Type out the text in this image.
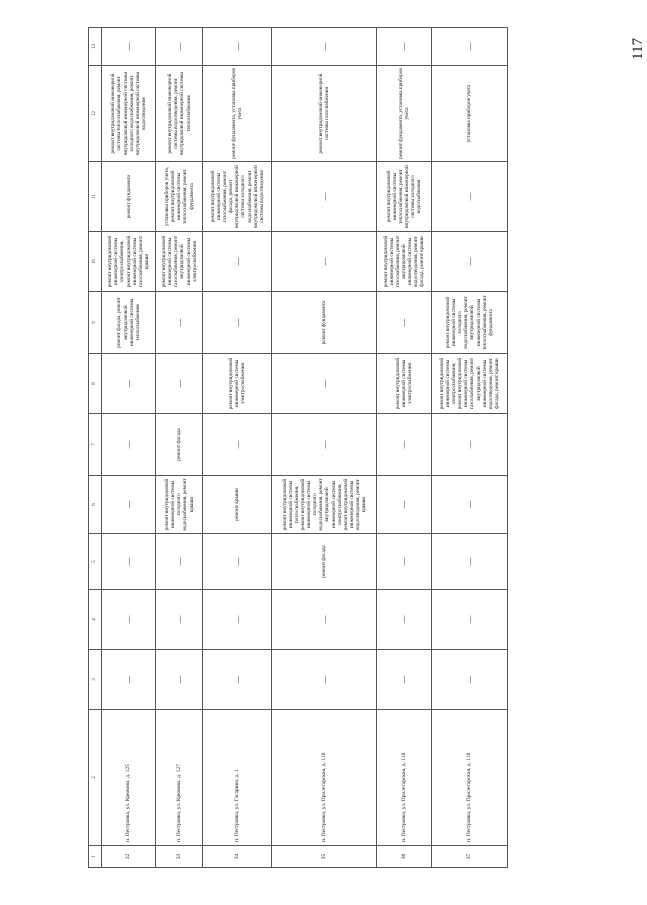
117
1	2	3	4	5	6	7	8	9	10	11	12	13
32	п. Пестравка, ул. Крюкова, д. 125	—	—	—	—	—	—	ремонт фасада, ремонт внутридомовой инженерной системы теплоснабжения	ремонт внутридомовой инженерной системы электроснабжения, ремонт внутридомовой инженерной системы газоснабжения, ремонт крыши	ремонт фундамента	ремонт внутридомовой инженерной системы теплоснабжения, ремонт внутридомовой инженерной системы холодного водоснабжения, ремонт внутридомовой инженерной системы водоотведения	—
33	п. Пестравка, ул. Крюкова, д. 127	—	—	—	ремонт внутридомовой инженерной системы холодного водоснабжения, ремонт крыши	ремонт фасада	—	—	ремонт внутридомовой инженерной системы газоснабжения, ремонт внутридомовой инженерной системы электроснабжения	установка приборов учета, ремонт внутридомовой инженерной системы теплоснабжения, ремонт фундамента	ремонт внутридомовой инженерной системы водоотведения, ремонт внутридомовой инженерной системы теплоснабжения	—
34	п. Пестравка, ул. Гагарина, д. 1	—	—	—	ремонт крыши	—	ремонт внутридомовой инженерной системы электроснабжения	—	—	ремонт внутридомовой инженерной системы газоснабжения, ремонт фасада, ремонт внутридомовой инженерной системы холодного водоснабжения, ремонт внутридомовой инженерной системы водоотведения	ремонт фундамента, установка приборов учета	—
35	п. Пестравка, ул. Пролетарская, д. 116	—	—	ремонт фасада	ремонт внутридомовой инженерной системы теплоснабжения, ремонт внутридомовой инженерной системы холодного водоснабжения, ремонт внутридомовой инженерной системы электроснабжения, ремонт внутридомовой инженерной системы водоотведения, ремонт крыши	—	—	ремонт фундамента	—	—	ремонт внутридомовой инженерной системы газоснабжения	—
36	п. Пестравка, ул. Пролетарская, д. 118	—	—	—	—	—	ремонт внутридомовой инженерной системы электроснабжения	—	ремонт внутридомовой инженерной системы газоснабжения, ремонт внутридомовой инженерной системы водоотведения, ремонт фасада, ремонт крыши	ремонт внутридомовой инженерной системы теплоснабжения, ремонт внутридомовой инженерной системы холодного водоснабжения	ремонт фундамента, установка приборов учета	—
37	п. Пестравка, ул. Пролетарская, д. 118	—	—	—	—	—	ремонт внутридомовой инженерной системы электроснабжения, ремонт внутридомовой инженерной системы газоснабжения, ремонт внутридомовой инженерной системы водоотведения, ремонт фасада, ремонт крыши	ремонт внутридомовой инженерной системы холодного водоснабжения, ремонт внутридомовой инженерной системы теплоснабжения, ремонт фундамента	—	—	установка приборов учета	—
